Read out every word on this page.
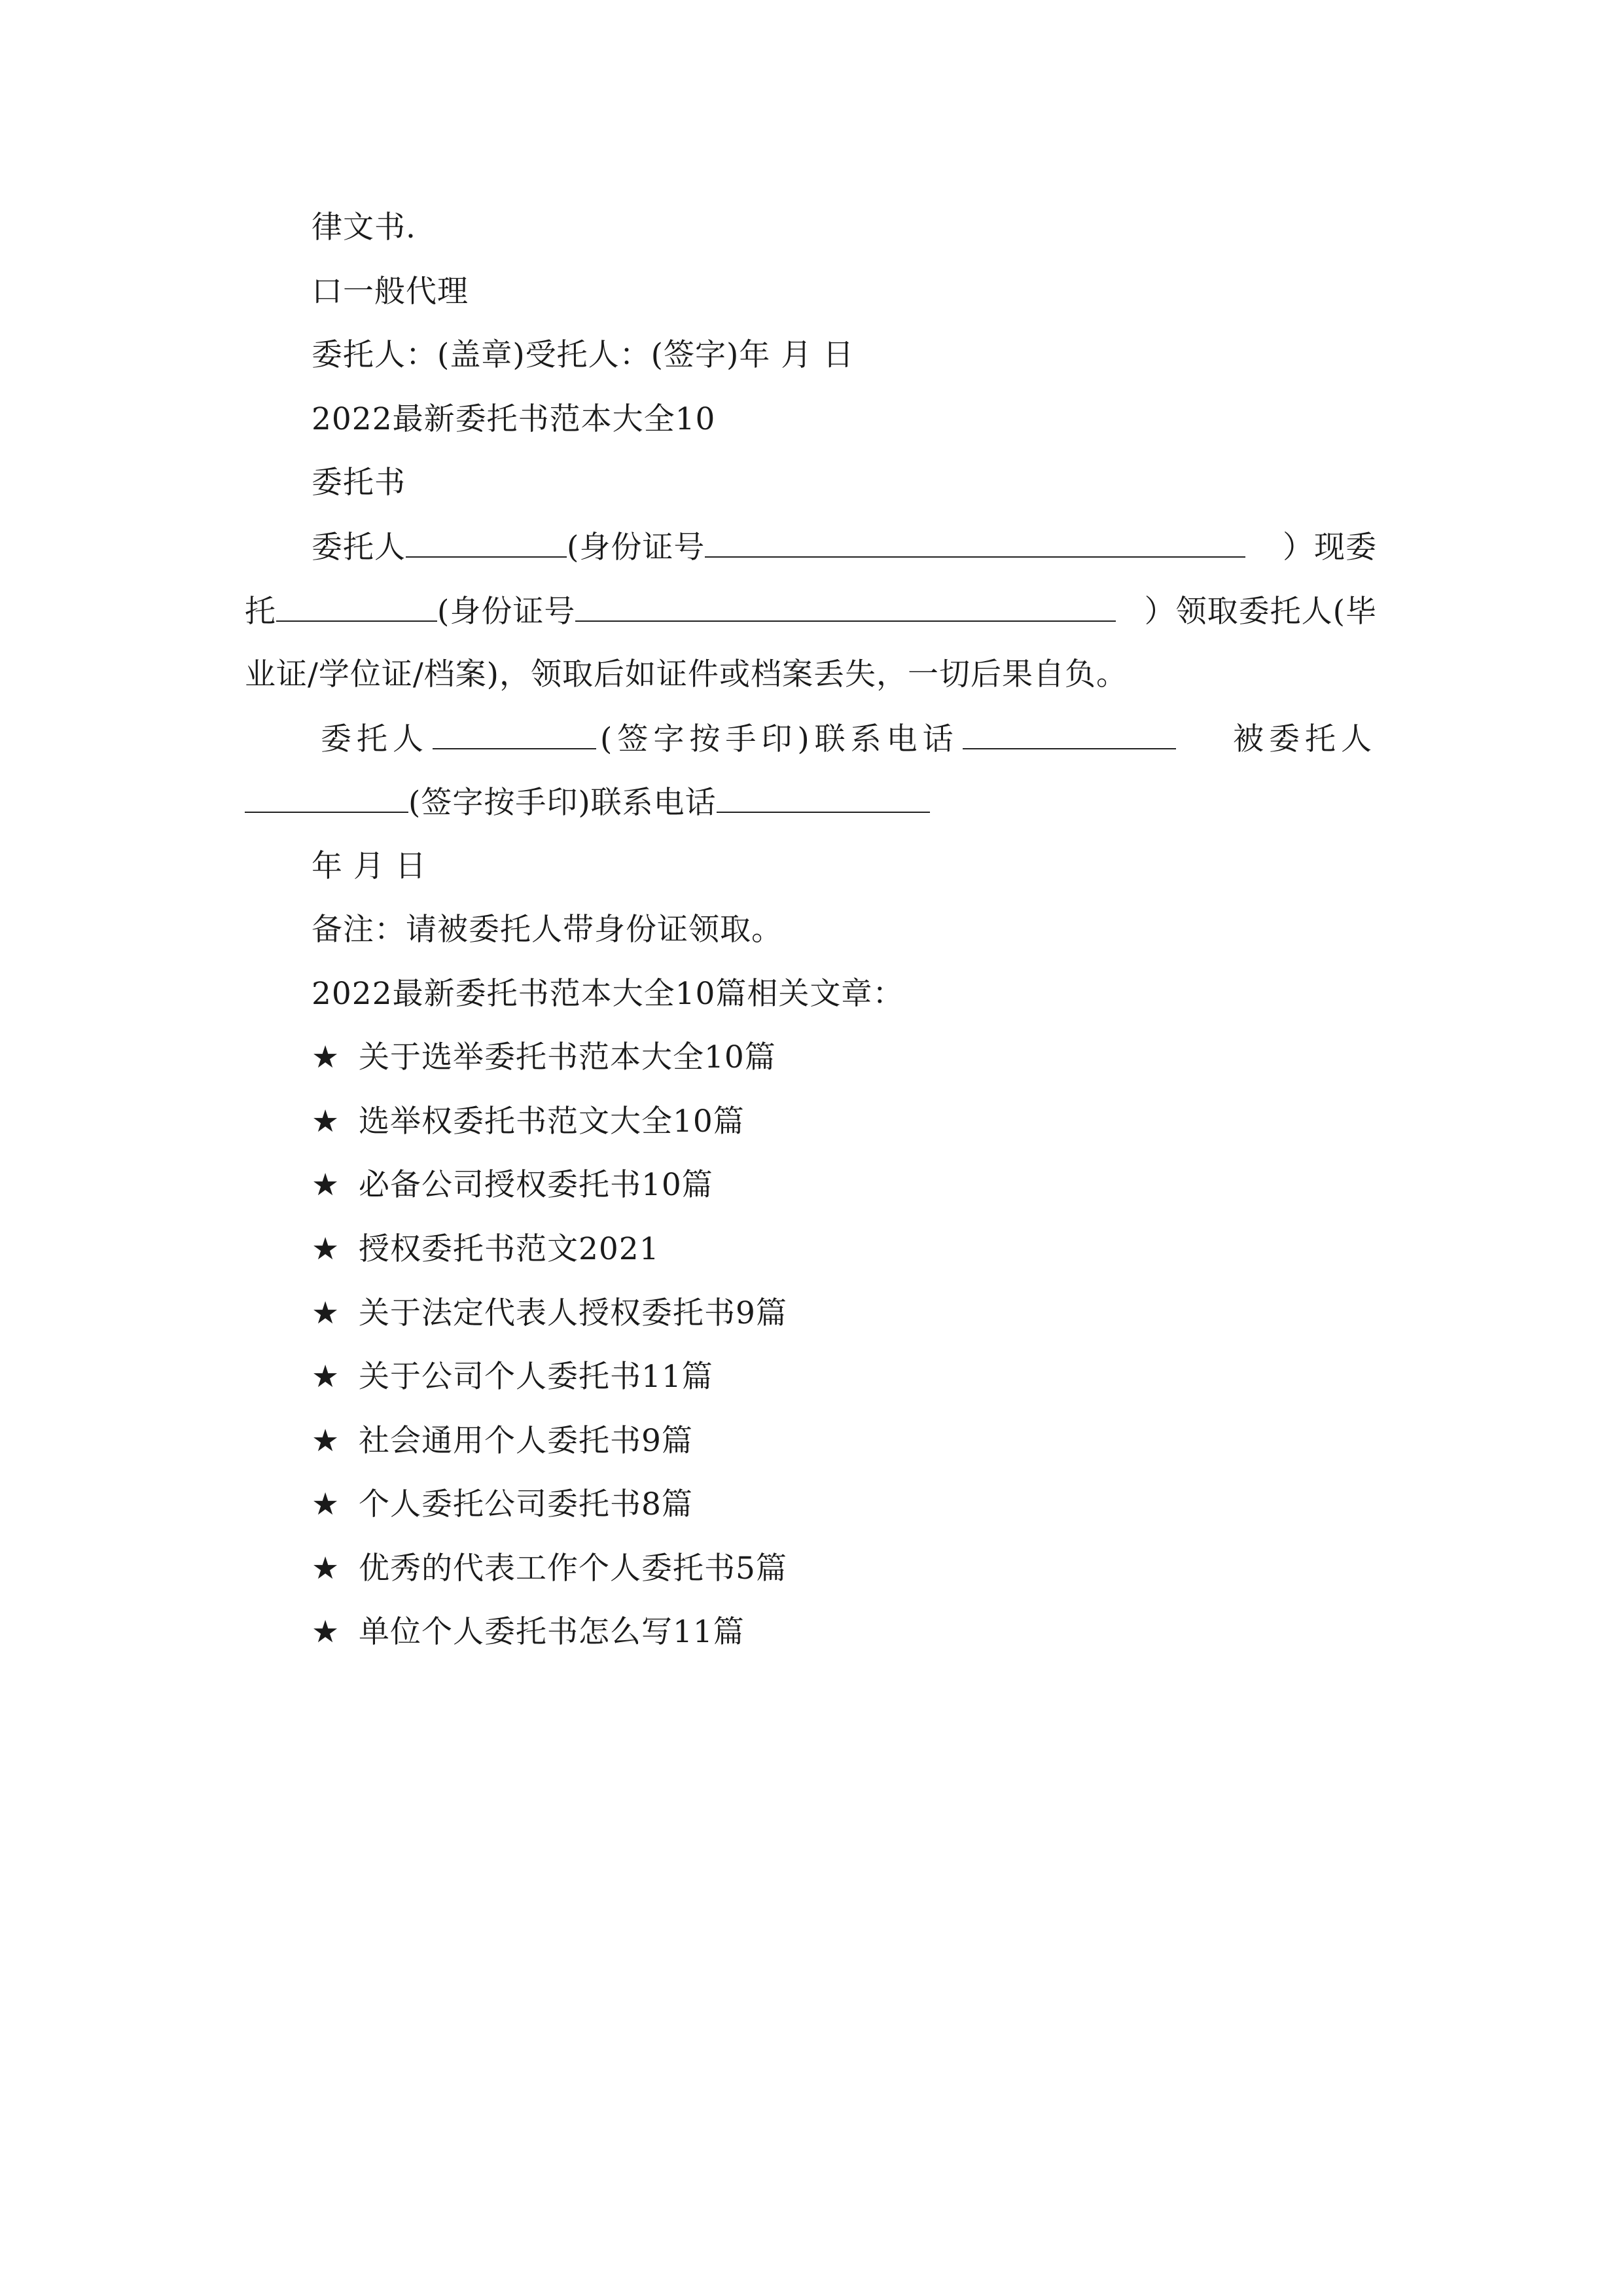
律文书.
口一般代理
委托人：(盖章)受托人：(签字)年 月 日
2022最新委托书范本大全10
委托书
委托人	(身份证号	）现委
托	(身份证号	）领取委托人(毕
业证/学位证/档案)，领取后如证件或档案丢失，一切后果自负。
委托人	(签字按手印)联系电话	被委托人
(签字按手印)联系电话
年 月 日
备注：请被委托人带身份证领取。
2022最新委托书范本大全10篇相关文章：
★ 关于选举委托书范本大全10篇
★ 选举权委托书范文大全10篇
★ 必备公司授权委托书10篇
★ 授权委托书范文2021
★ 关于法定代表人授权委托书9篇
★ 关于公司个人委托书11篇
★ 社会通用个人委托书9篇
★ 个人委托公司委托书8篇
★ 优秀的代表工作个人委托书5篇
★ 单位个人委托书怎么写11篇
